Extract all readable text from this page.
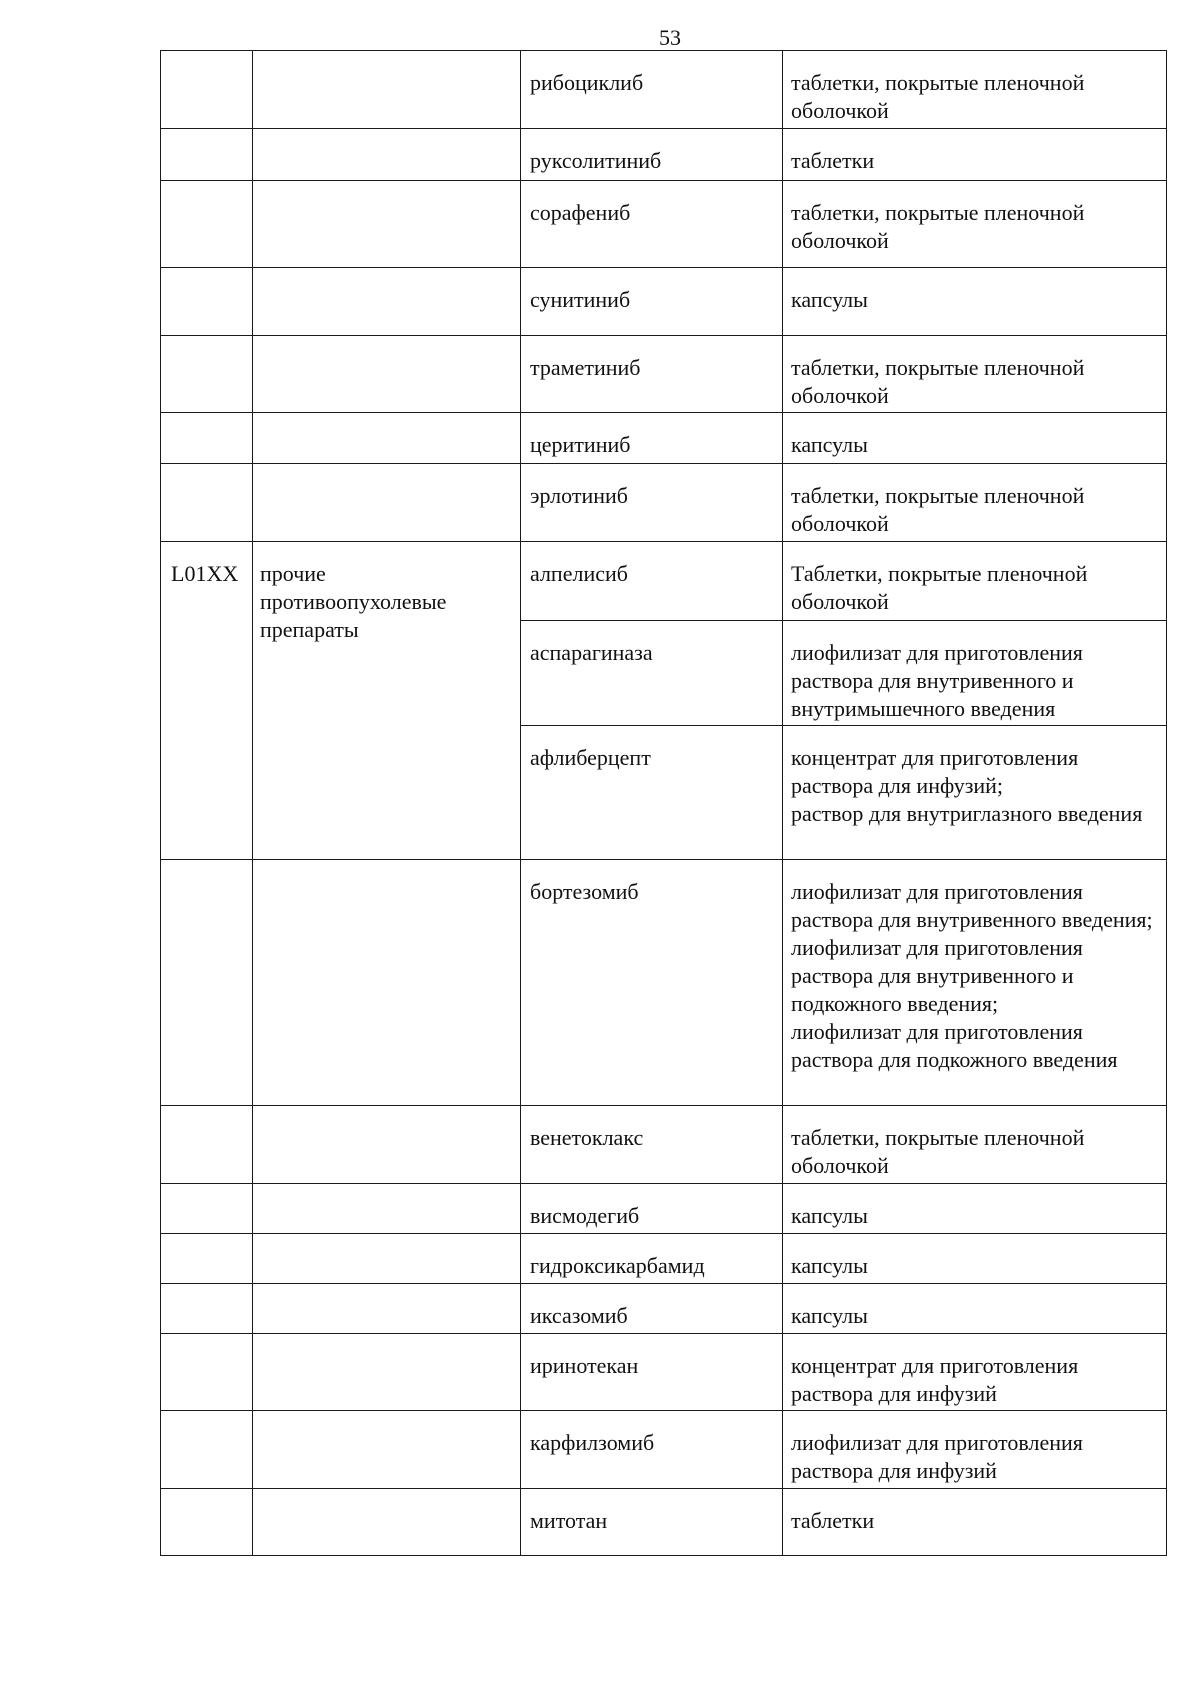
53
		рибоциклиб	таблетки, покрытые пленочной оболочкой
		руксолитиниб	таблетки
		сорафениб	таблетки, покрытые пленочной оболочкой
		сунитиниб	капсулы
		траметиниб	таблетки, покрытые пленочной оболочкой
		церитиниб	капсулы
		эрлотиниб	таблетки, покрытые пленочной оболочкой
L01XX	прочие противоопухолевые препараты	алпелисиб	Таблетки, покрытые пленочной оболочкой
		аспарагиназа	лиофилизат для приготовления раствора для внутривенного и внутримышечного введения
		афлиберцепт	концентрат для приготовления раствора для инфузий;
раствор для внутриглазного введения
		бортезомиб	лиофилизат для приготовления раствора для внутривенного введения;
лиофилизат для приготовления раствора для внутривенного и подкожного введения;
лиофилизат для приготовления раствора для подкожного введения
		венетоклакс	таблетки, покрытые пленочной оболочкой
		висмодегиб	капсулы
		гидроксикарбамид	капсулы
		иксазомиб	капсулы
		иринотекан	концентрат для приготовления раствора для инфузий
		карфилзомиб	лиофилизат для приготовления раствора для инфузий
		митотан	таблетки
